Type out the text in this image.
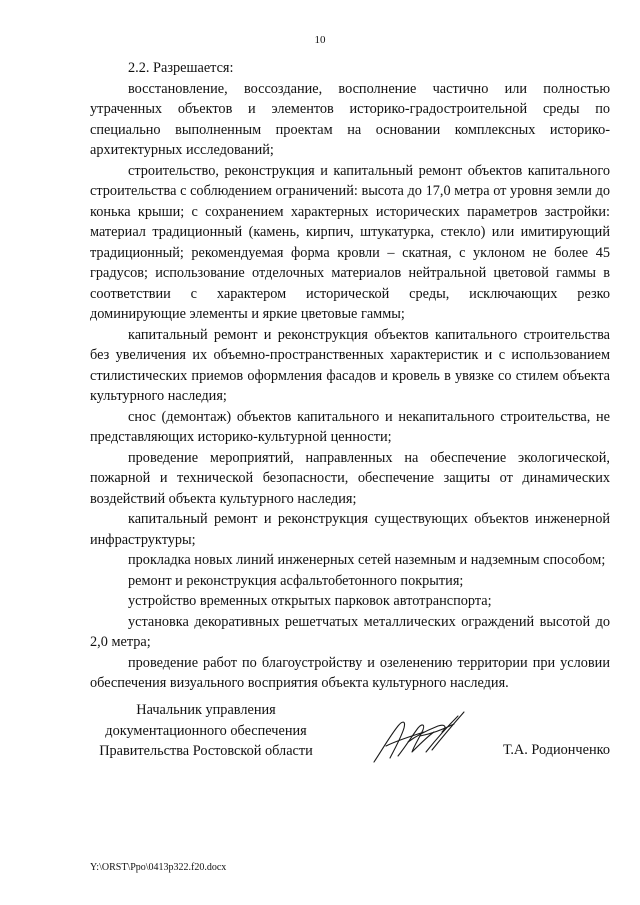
10

2.2. Разрешается:

восстановление, воссоздание, восполнение частично или полностью утраченных объектов и элементов историко-градостроительной среды по специально выполненным проектам на основании комплексных историко-архитектурных исследований;

строительство, реконструкция и капитальный ремонт объектов капитального строительства с соблюдением ограничений: высота до 17,0 метра от уровня земли до конька крыши; с сохранением характерных исторических параметров застройки: материал традиционный (камень, кирпич, штукатурка, стекло) или имитирующий традиционный; рекомендуемая форма кровли – скатная, с уклоном не более 45 градусов; использование отделочных материалов нейтральной цветовой гаммы в соответствии с характером исторической среды, исключающих резко доминирующие элементы и яркие цветовые гаммы;

капитальный ремонт и реконструкция объектов капитального строительства без увеличения их объемно-пространственных характеристик и с использованием стилистических приемов оформления фасадов и кровель в увязке со стилем объекта культурного наследия;

снос (демонтаж) объектов капитального и некапитального строительства, не представляющих историко-культурной ценности;

проведение мероприятий, направленных на обеспечение экологической, пожарной и технической безопасности, обеспечение защиты от динамических воздействий объекта культурного наследия;

капитальный ремонт и реконструкция существующих объектов инженерной инфраструктуры;

прокладка новых линий инженерных сетей наземным и надземным способом;

ремонт и реконструкция асфальтобетонного покрытия;

устройство временных открытых парковок автотранспорта;

установка декоративных решетчатых металлических ограждений высотой до 2,0 метра;

проведение работ по благоустройству и озеленению территории при условии обеспечения визуального восприятия объекта культурного наследия.

Начальник управления
документационного обеспечения
Правительства Ростовской области	Т.А. Родионченко
Y:\ORST\Ppo\0413p322.f20.docx
